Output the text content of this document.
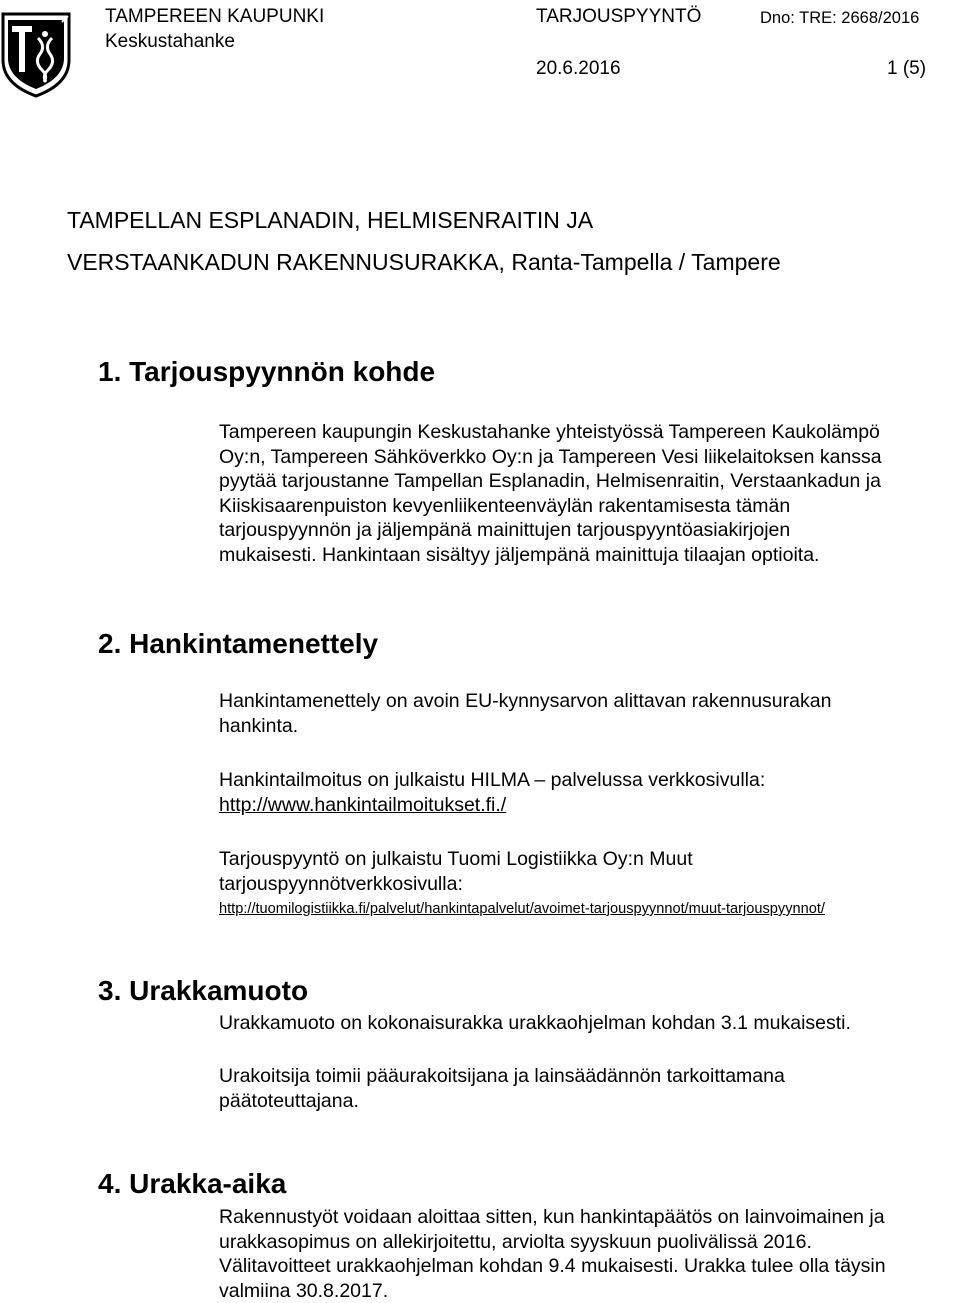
TAMPEREEN KAUPUNKI
Keskustahanke
TARJOUSPYYNTÖ	Dno: TRE: 2668/2016
20.6.2016	1 (5)
TAMPELLAN ESPLANADIN, HELMISENRAITIN JA
VERSTAANKADUN RAKENNUSURAKKA, Ranta-Tampella / Tampere
1. Tarjouspyynnön kohde
Tampereen kaupungin Keskustahanke yhteistyössä Tampereen Kaukolämpö
Oy:n, Tampereen Sähköverkko Oy:n ja Tampereen Vesi liikelaitoksen kanssa
pyytää tarjoustanne Tampellan Esplanadin, Helmisenraitin, Verstaankadun ja
Kiiskisaarenpuiston kevyenliikenteenväylän rakentamisesta tämän
tarjouspyynnön ja jäljempänä mainittujen tarjouspyyntöasiakirjojen
mukaisesti. Hankintaan sisältyy jäljempänä mainittuja tilaajan optioita.
2. Hankintamenettely
Hankintamenettely on avoin EU-kynnysarvon alittavan rakennusurakan
hankinta.
Hankintailmoitus on julkaistu HILMA – palvelussa verkkosivulla:
http://www.hankintailmoitukset.fi./
Tarjouspyyntö on julkaistu Tuomi Logistiikka Oy:n Muut
tarjouspyynnötverkkosivulla:
http://tuomilogistiikka.fi/palvelut/hankintapalvelut/avoimet-tarjouspyynnot/muut-tarjouspyynnot/
3. Urakkamuoto
Urakkamuoto on kokonaisurakka urakkaohjelman kohdan 3.1 mukaisesti.
Urakoitsija toimii pääurakoitsijana ja lainsäädännön tarkoittamana
päätoteuttajana.
4. Urakka-aika
Rakennustyöt voidaan aloittaa sitten, kun hankintapäätös on lainvoimainen ja
urakkasopimus on allekirjoitettu, arviolta syyskuun puolivälissä 2016.
Välitavoitteet urakkaohjelman kohdan 9.4 mukaisesti. Urakka tulee olla täysin
valmiina 30.8.2017.
